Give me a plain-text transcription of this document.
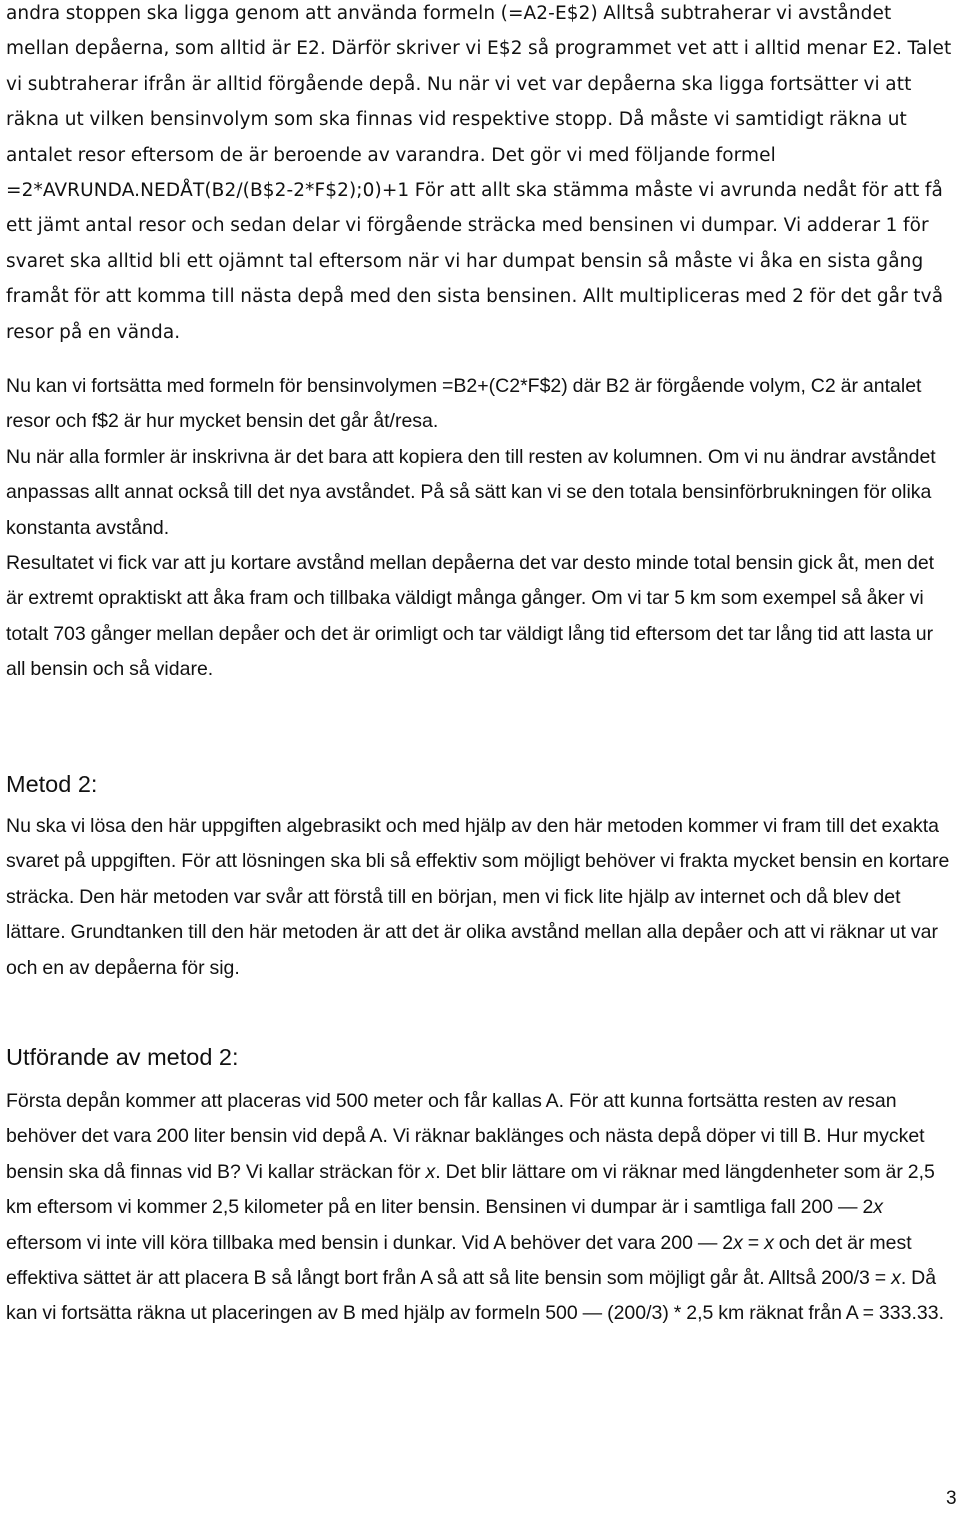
andra stoppen ska ligga genom att använda formeln (=A2-E$2) Alltså subtraherar vi avståndet mellan depåerna, som alltid är E2. Därför skriver vi E$2 så programmet vet att i alltid menar E2. Talet vi subtraherar ifrån är alltid förgående depå. Nu när vi vet var depåerna ska ligga fortsätter vi att räkna ut vilken bensinvolym som ska finnas vid respektive stopp. Då måste vi samtidigt räkna ut antalet resor eftersom de är beroende av varandra. Det gör vi med följande formel =2*AVRUNDA.NEDÅT(B2/(B$2-2*F$2);0)+1 För att allt ska stämma måste vi avrunda nedåt för att få ett jämt antal resor och sedan delar vi förgående sträcka med bensinen vi dumpar. Vi adderar 1 för svaret ska alltid bli ett ojämnt tal eftersom när vi har dumpat bensin så måste vi åka en sista gång framåt för att komma till nästa depå med den sista bensinen. Allt multipliceras med 2 för det går två resor på en vända.

Nu kan vi fortsätta med formeln för bensinvolymen =B2+(C2*F$2) där B2 är förgående volym, C2 är antalet resor och f$2 är hur mycket bensin det går åt/resa.

Nu när alla formler är inskrivna är det bara att kopiera den till resten av kolumnen. Om vi nu ändrar avståndet anpassas allt annat också till det nya avståndet. På så sätt kan vi se den totala bensinförbrukningen för olika konstanta avstånd.

Resultatet vi fick var att ju kortare avstånd mellan depåerna det var desto minde total bensin gick åt, men det är extremt opraktiskt att åka fram och tillbaka väldigt många gånger. Om vi tar 5 km som exempel så åker vi totalt 703 gånger mellan depåer och det är orimligt och tar väldigt lång tid eftersom det tar lång tid att lasta ur all bensin och så vidare.

Metod 2:

Nu ska vi lösa den här uppgiften algebrasikt och med hjälp av den här metoden kommer vi fram till det exakta svaret på uppgiften. För att lösningen ska bli så effektiv som möjligt behöver vi frakta mycket bensin en kortare sträcka. Den här metoden var svår att förstå till en början, men vi fick lite hjälp av internet och då blev det lättare. Grundtanken till den här metoden är att det är olika avstånd mellan alla depåer och att vi räknar ut var och en av depåerna för sig.

Utförande av metod 2:

Första depån kommer att placeras vid 500 meter och får kallas A. För att kunna fortsätta resten av resan behöver det vara 200 liter bensin vid depå A. Vi räknar baklänges och nästa depå döper vi till B. Hur mycket bensin ska då finnas vid B? Vi kallar sträckan för x. Det blir lättare om vi räknar med längdenheter som är 2,5 km eftersom vi kommer 2,5 kilometer på en liter bensin. Bensinen vi dumpar är i samtliga fall 200 — 2x eftersom vi inte vill köra tillbaka med bensin i dunkar. Vid A behöver det vara 200 — 2x = x och det är mest effektiva sättet är att placera B så långt bort från A så att så lite bensin som möjligt går åt. Alltså 200/3 = x. Då kan vi fortsätta räkna ut placeringen av B med hjälp av formeln 500 — (200/3) * 2,5 km räknat från A = 333.33.

3
